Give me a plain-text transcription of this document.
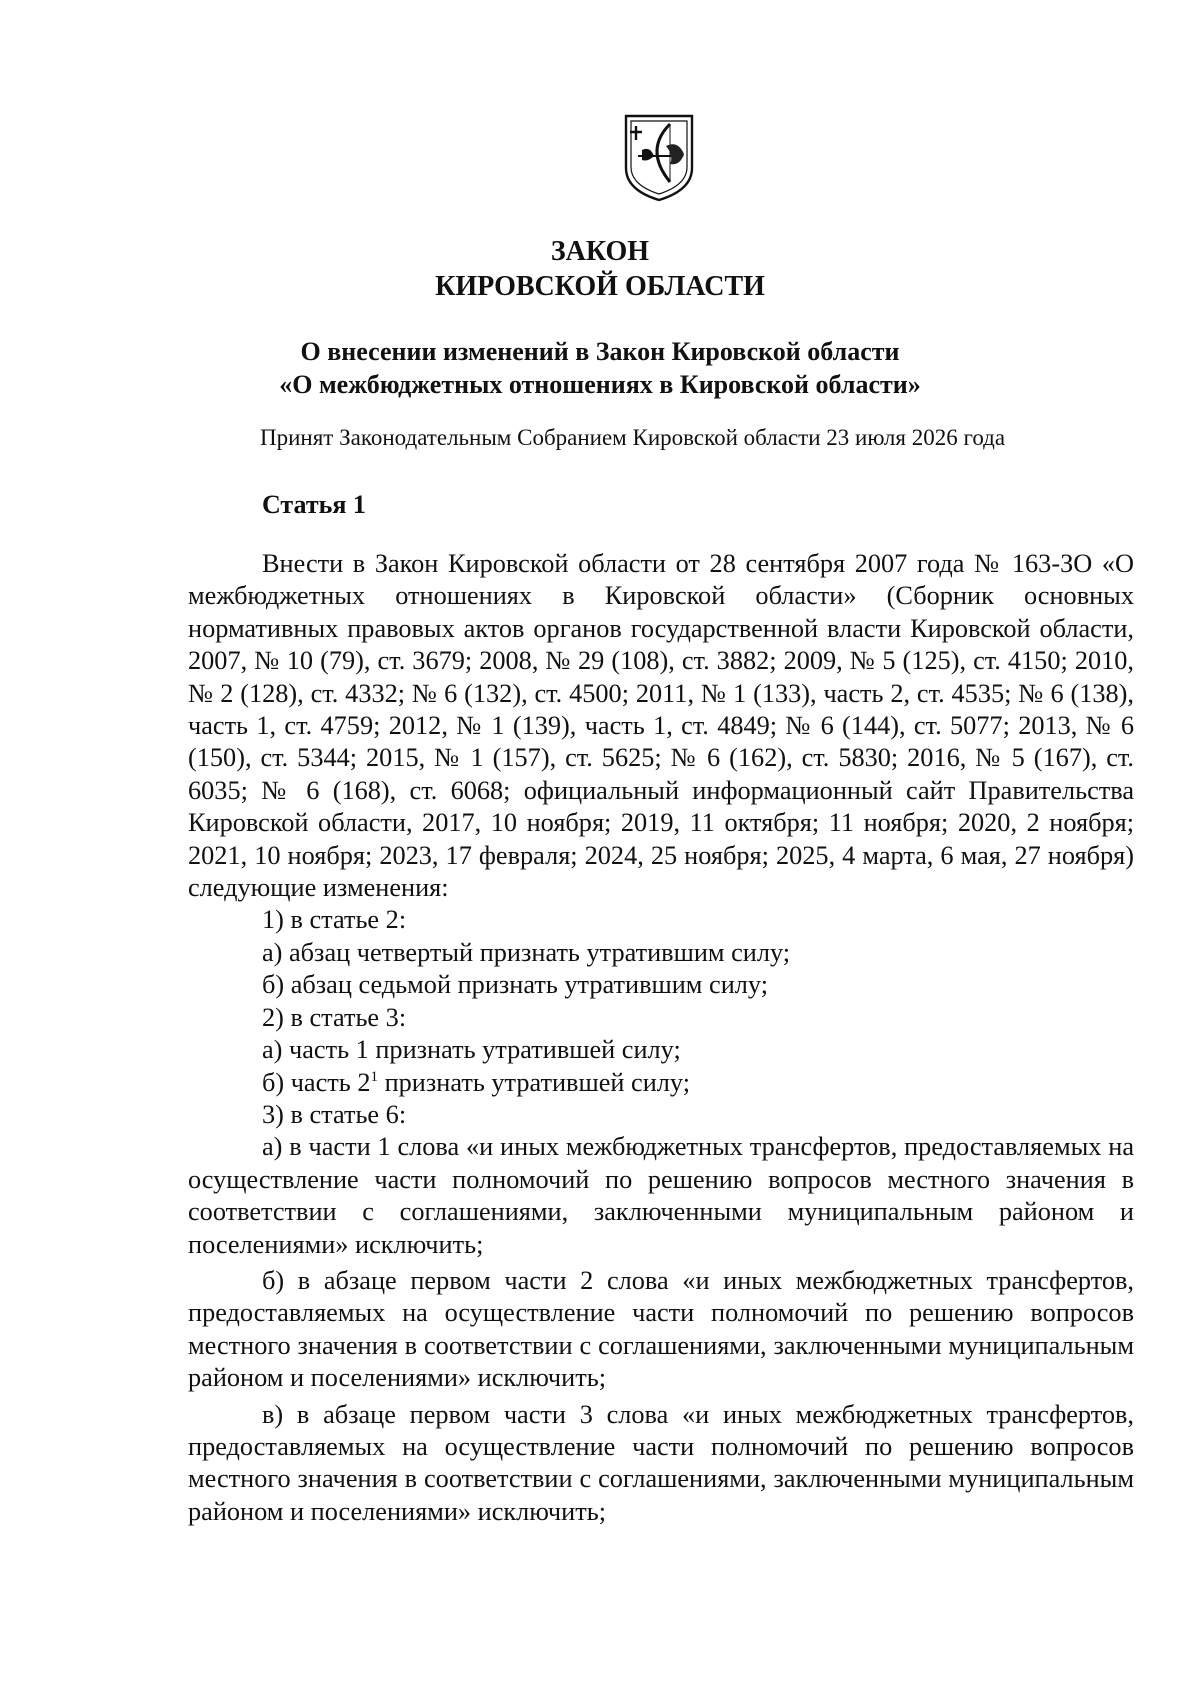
ЗАКОН
КИРОВСКОЙ ОБЛАСТИ
О внесении изменений в Закон Кировской области
«О межбюджетных отношениях в Кировской области»
Принят Законодательным Собранием Кировской области 23 июля 2026 года
Статья 1

Внести в Закон Кировской области от 28 сентября 2007 года № 163-ЗО «О межбюджетных отношениях в Кировской области» (Сборник основных нормативных правовых актов органов государственной власти Кировской области, 2007, № 10 (79), ст. 3679; 2008, № 29 (108), ст. 3882; 2009, № 5 (125), ст. 4150; 2010, № 2 (128), ст. 4332; № 6 (132), ст. 4500; 2011, № 1 (133), часть 2, ст. 4535; № 6 (138), часть 1, ст. 4759; 2012, № 1 (139), часть 1, ст. 4849; № 6 (144), ст. 5077; 2013, № 6 (150), ст. 5344; 2015, № 1 (157), ст. 5625; № 6 (162), ст. 5830; 2016, № 5 (167), ст. 6035; № 6 (168), ст. 6068; официальный информационный сайт Правительства Кировской области, 2017, 10 ноября; 2019, 11 октября; 11 ноября; 2020, 2 ноября; 2021, 10 ноября; 2023, 17 февраля; 2024, 25 ноября; 2025, 4 марта, 6 мая, 27 ноября) следующие изменения:

1) в статье 2:

а) абзац четвертый признать утратившим силу;

б) абзац седьмой признать утратившим силу;

2) в статье 3:

а) часть 1 признать утратившей силу;

б) часть $2^1$ признать утратившей силу;

3) в статье 6:

а) в части 1 слова «и иных межбюджетных трансфертов, предоставляемых на осуществление части полномочий по решению вопросов местного значения в соответствии с соглашениями, заключенными муниципальным районом и поселениями» исключить;

б) в абзаце первом части 2 слова «и иных межбюджетных трансфертов, предоставляемых на осуществление части полномочий по решению вопросов местного значения в соответствии с соглашениями, заключенными муниципальным районом и поселениями» исключить;

в) в абзаце первом части 3 слова «и иных межбюджетных трансфертов, предоставляемых на осуществление части полномочий по решению вопросов местного значения в соответствии с соглашениями, заключенными муниципальным районом и поселениями» исключить;
